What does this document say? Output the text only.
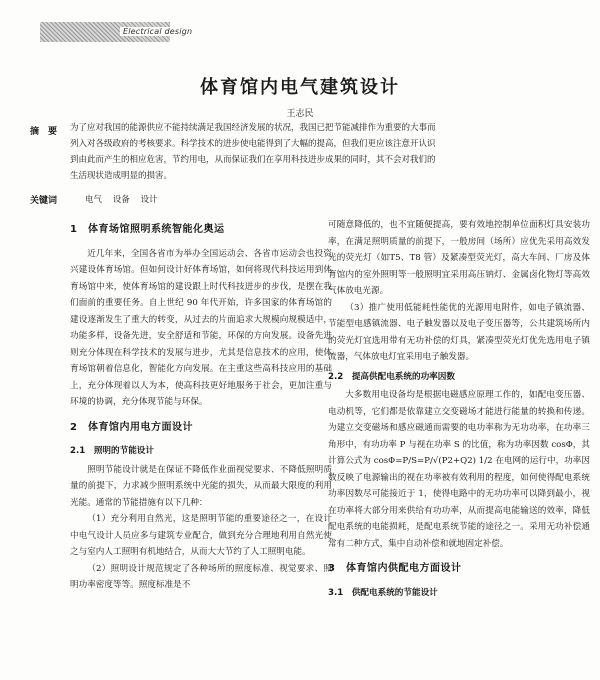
Electrical design
体育馆内电气建筑设计
王志民
摘　要 为了应对我国的能源供应不能持续满足我国经济发展的状况，我国已把节能减排作为重要的大事而
列入对各级政府的考核要求。科学技术的进步使电能得到了大幅的提高，但我们更应该注意开认识
到由此而产生的相应危害，节约用电，从而保证我们在享用科技进步成果的同时，其不会对我们的
生活现状造成明显的损害。
关键词	电气 设备 设计
1　体育场馆照明系统智能化奥运

近几年来，全国各省市为举办全国运动会、各省市运动会也投资兴建设体育场馆。但如何设计好体育场馆，如何将现代科技运用到体育场馆中来，使体育场馆的建设跟上时代科技进步的步伐，是摆在我们面前的重要任务。自上世纪 90 年代开始，许多国家的体育场馆的建设逐渐发生了重大的转变，从过去的片面追求大规模向规模适中，功能多样，设备先进，安全舒适和节能，环保的方向发展。设备先进则充分体现在科学技术的发展与进步，尤其是信息技术的应用，使体育场馆朝着信息化，智能化方向发展。在主重这些高科技应用的基础上，充分体现着以人为本，使高科技更好地服务于社会，更加注重与环境的协调，充分体现节能与环保。

2　体育馆内用电方面设计
2.1　照明的节能设计

照明节能设计就是在保证不降低作业面视觉要求、不降低照明质量的前提下，力求减少照明系统中光能的损失，从而最大限度的利用光能。通常的节能措施有以下几种：

（1）充分利用自然光，这是照明节能的重要途径之一，在设计中电气设计人员应多与建筑专业配合，做到充分合理地利用自然光使之与室内人工照明有机地结合，从而大大节约了人工照明电能。

（2）照明设计规范规定了各种场所的照度标准、视觉要求、照明功率密度等等。照度标准是不

可随意降低的，也不宜随便提高，要有效地控制单位面积灯具安装功率，在满足照明质量的前提下，一般房间（场所）应优先采用高效发光的荧光灯（如T5、T8 管）及紧凑型荧光灯，高大车间、厂房及体育馆内的室外照明等一般照明宜采用高压钠灯、金属卤化物灯等高效气体放电光源。

（3）推广使用低能耗性能优的光源用电附件，如电子镇流器、节能型电感镇流器、电子触发器以及电子变压器等，公共建筑场所内的荧光灯宜选用带有无功补偿的灯具，紧凑型荧光灯优先选用电子镇流器，气体放电灯宜采用电子触发器。

2.2　提高供配电系统的功率因数

大多数用电设备均是根据电磁感应原理工作的，如配电变压器、电动机等，它们都是依靠建立交变磁场才能进行能量的转换和传递。为建立交变磁场和感应磁通而需要的电功率称为无功功率，在功率三角形中，有功功率 P 与视在功率 S 的比值，称为功率因数 cosΦ，其计算公式为 cosΦ=P/S=P/√(P2+Q2) 1/2 在电网的运行中，功率因数反映了电源输出的视在功率被有效利用的程度，如何使得配电系统功率因数尽可能接近于 1，使得电路中的无功功率可以降到最小，视在功率将大部分用来供给有功功率，从而提高电能输送的效率，降低配电系统的电能损耗，是配电系统节能的途径之一。采用无功补偿通常有二种方式，集中自动补偿和就地固定补偿。

3　体育馆内供配电方面设计
3.1　供配电系统的节能设计
